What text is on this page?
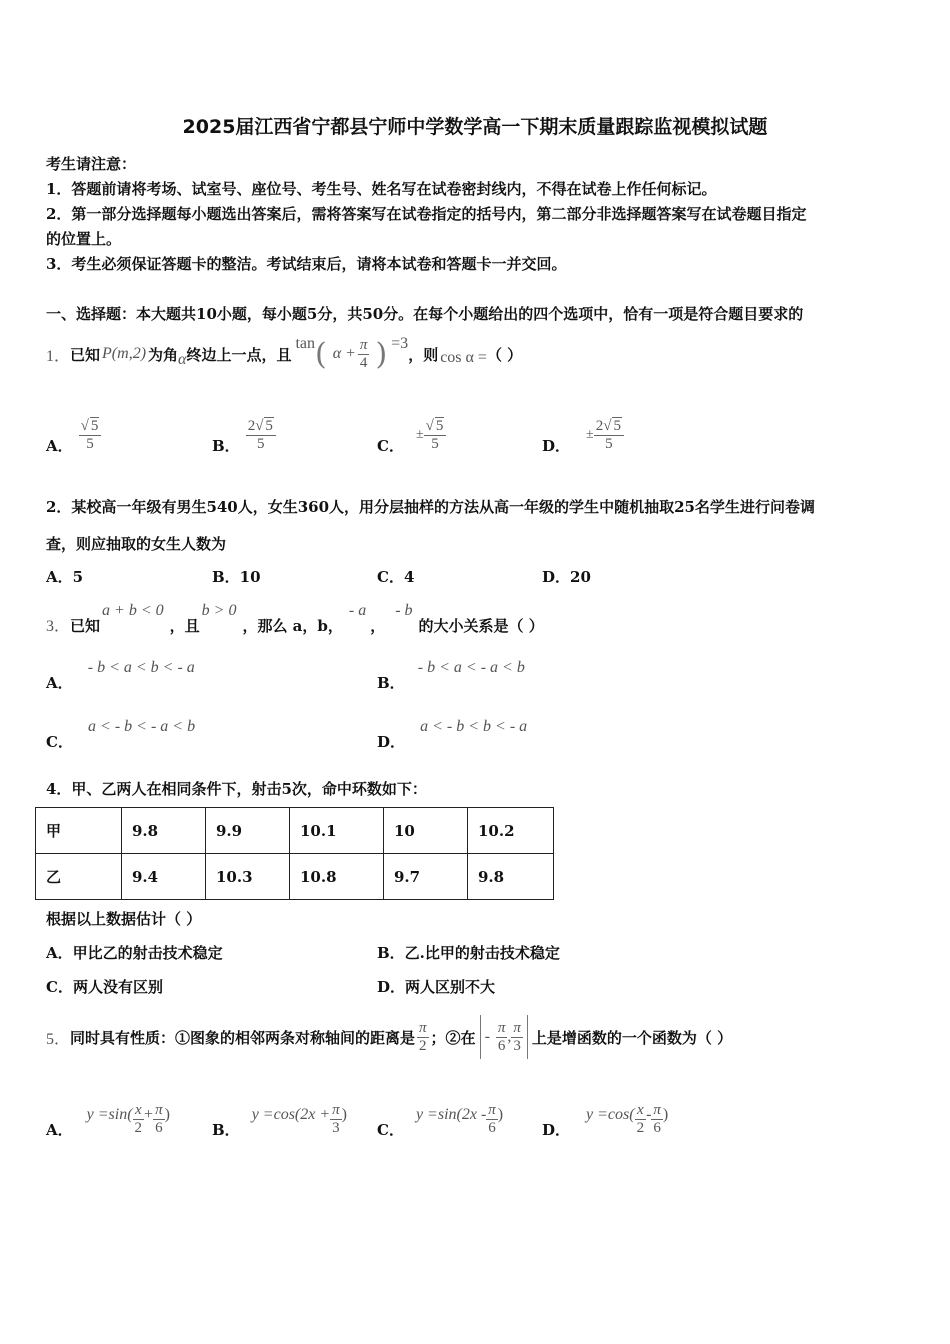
2025届江西省宁都县宁师中学数学高一下期末质量跟踪监视模拟试题
考生请注意：
1．答题前请将考场、试室号、座位号、考生号、姓名写在试卷密封线内，不得在试卷上作任何标记。
2．第一部分选择题每小题选出答案后，需将答案写在试卷指定的括号内，第二部分非选择题答案写在试卷题目指定
的位置上。
3．考生必须保证答题卡的整洁。考试结束后，请将本试卷和答题卡一并交回。
一、选择题：本大题共10小题，每小题5分，共50分。在每个小题给出的四个选项中，恰有一项是符合题目要求的
1． 已知 P(m,2) 为角 α 终边上一点，且
tan ( $\alpha + \frac{\pi}{4}$ ) =3
，则 cos α = （ ）
A． $\frac{√ 5}{5}$	B． $\frac{2√ 5}{5}$	C．
± $\frac{√ 5}{5}$	D．
± $\frac{2√ 5}{5}$
2．某校高一年级有男生540人，女生360人，用分层抽样的方法从高一年级的学生中随机抽取25名学生进行问卷调
查，则应抽取的女生人数为
A．5	B．10	C．4	D．20
3． 已知
a + b < 0
，且
b > 0
，那么 a，b，
- a
，
- b
的大小关系是（ ）
A． - b < a < b < - a
B． - b < a < - a < b
C． a < - b < - a < b
D． a < - b < b < - a
4．甲、乙两人在相同条件下，射击5次，命中环数如下：
甲	9.8	9.9	10.1	10	10.2
乙	9.4	10.3	10.8	9.7	9.8
根据以上数据估计（ ）
A．甲比乙的射击技术稳定	B．乙.比甲的射击技术稳定
C．两人没有区别	D．两人区别不大
5． 同时具有性质：①图象的相邻两条对称轴间的距离是 $\frac{\pi}{2}$ ；②在 - $\frac{\pi}{6}$ , $\frac{\pi}{3}$ 上是增函数的一个函数为（ ）
A．
$y =\sin( \frac{x}{2} + \frac{\pi}{6}$ )
B．
$y =\cos(2x + \frac{\pi}{3}$ )
C．
$y =\sin(2x - \frac{\pi}{6}$ )
D．
$y =\cos( \frac{x}{2} - \frac{\pi}{6}$ )
